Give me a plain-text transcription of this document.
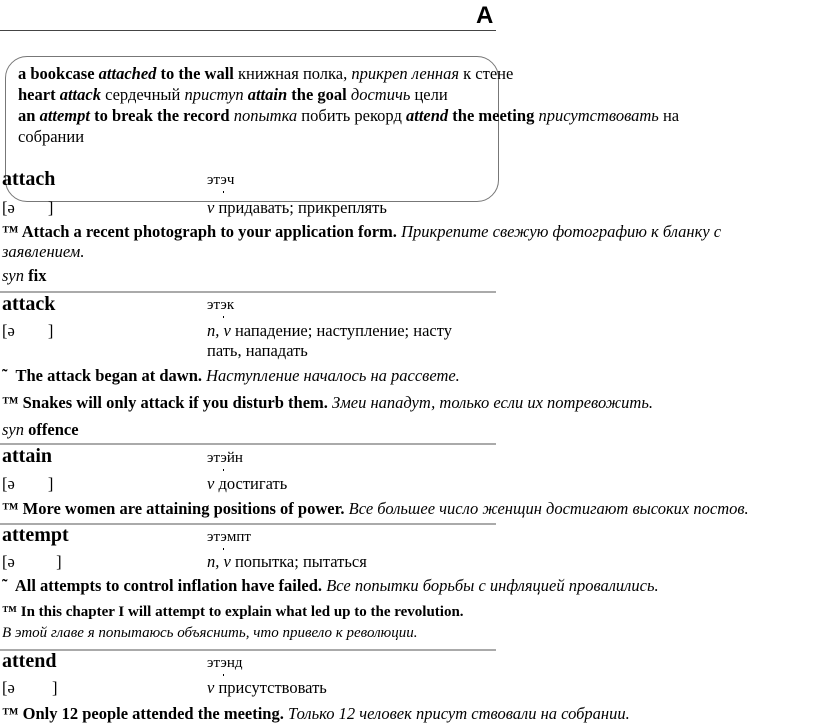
A
a bookcase attached to the wall книжная полка, прикреп ленная к стене
heart attack сердечный приступ attain the goal достичь цели
an attempt to break the record попытка побить рекорд attend the meeting присутствовать на
собрании
attach	этэч
[ə        ]	v придавать; прикреплять
™ Attach a recent photograph to your application form. Прикрепите свежую фотографию к бланку с
заявлением.
syn fix
attack	этэк
[ə        ]	n, v нападение; наступление; насту
пать, нападать
˜  The attack began at dawn. Наступление началось на рассвете.
™ Snakes will only attack if you disturb them. Змеи нападут, только если их потревожить.
syn offence
attain	этэйн
[ə        ]	v достигать
™ More women are attaining positions of power. Все большее число женщин достигают высоких постов.
attempt	этэмпт
[ə          ]	n, v попытка; пытаться
˜  All attempts to control inflation have failed. Все попытки борьбы с инфляцией провалились.
™ In this chapter I will attempt to explain what led up to the revolution.
В этой главе я попытаюсь объяснить, что привело к революции.
attend	этэнд
[ə         ]	v присутствовать
™ Only 12 people attended the meeting. Только 12 человек присут ствовали на собрании.
